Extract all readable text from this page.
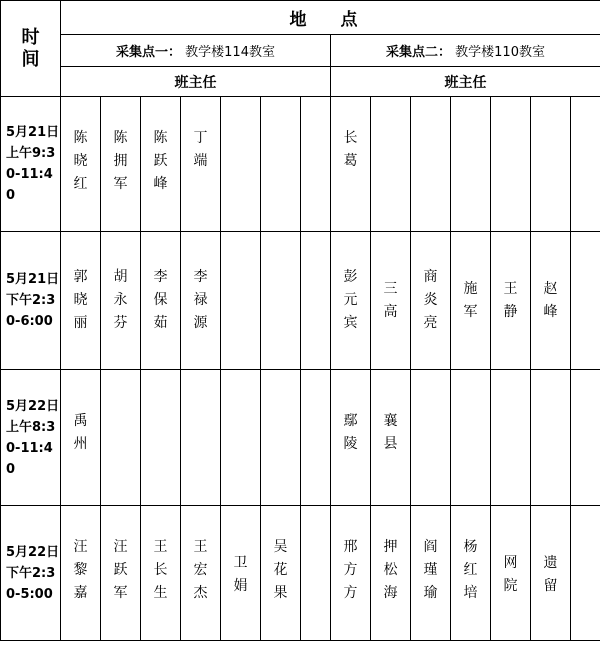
时
间	地 点													
	采集点一： 教学楼114教室							采集点二： 教学楼110教室						
	班主任							班主任						
5月21日上午9:30-11:40	陈晓红	陈拥军	陈跃峰	丁端				长葛						
5月21日下午2:30-6:00	郭晓丽	胡永芬	李保茹	李禄源				彭元宾	三高	商炎亮	施军	王静	赵峰	
5月22日上午8:30-11:40	禹州							鄢陵	襄县					
5月22日下午2:30-5:00	汪黎嘉	汪跃军	王长生	王宏杰	卫娟	吴花果		邢方方	押松海	阎瑾瑜	杨红培	网院	遗留	
